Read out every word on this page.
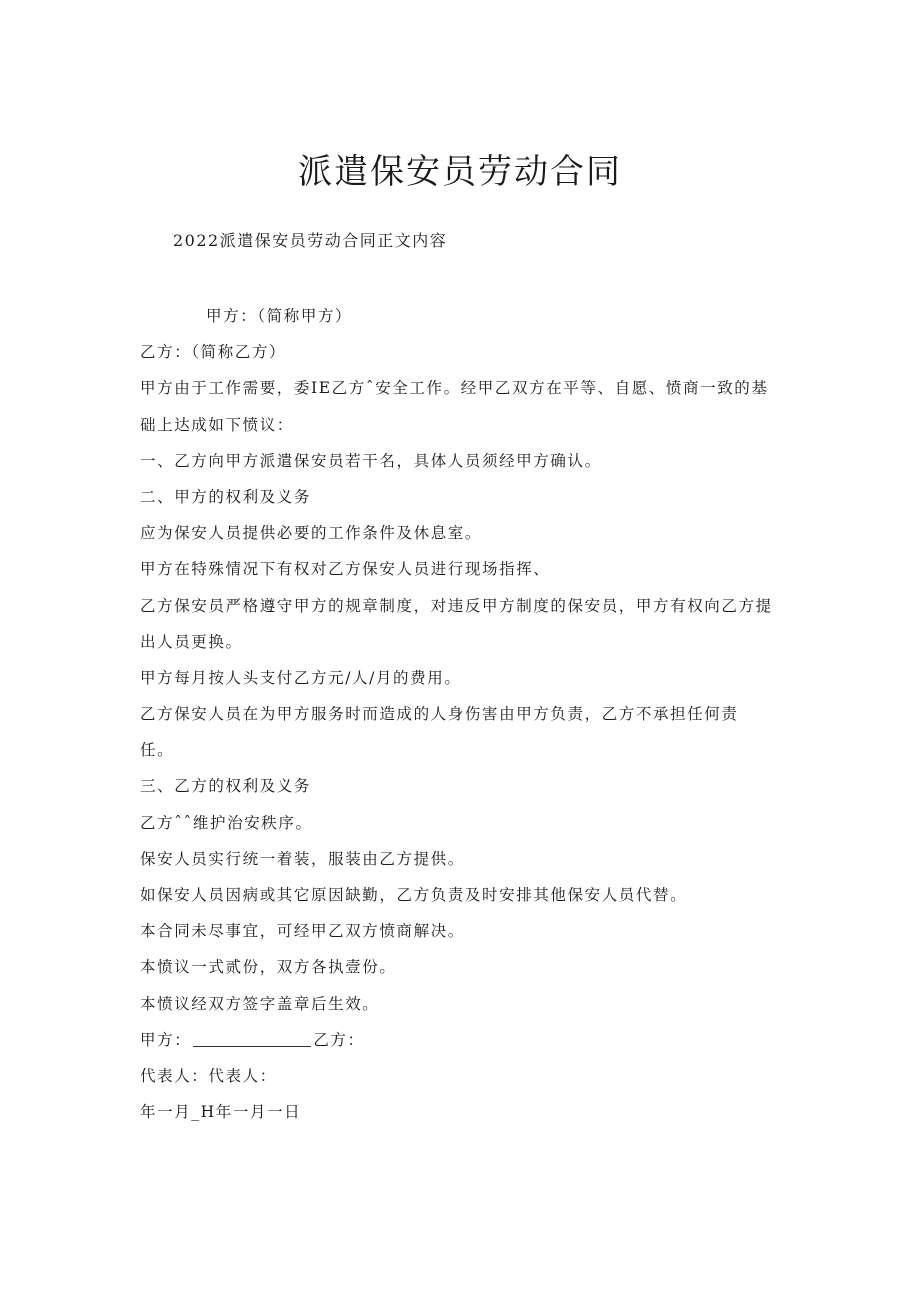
派遣保安员劳动合同
2022派遣保安员劳动合同正文内容
甲方：（简称甲方）
乙方：（简称乙方）
甲方由于工作需要，委IE乙方ˆ安全工作。经甲乙双方在平等、自愿、愤商一致的基
础上达成如下愤议：
一、乙方向甲方派遣保安员若干名，具体人员须经甲方确认。
二、甲方的权利及义务
应为保安人员提供必要的工作条件及休息室。
甲方在特殊情况下有权对乙方保安人员进行现场指挥、
乙方保安员严格遵守甲方的规章制度，对违反甲方制度的保安员，甲方有权向乙方提
出人员更换。
甲方每月按人头支付乙方元/人/月的费用。
乙方保安人员在为甲方服务时而造成的人身伤害由甲方负责，乙方不承担任何责
任。
三、乙方的权利及义务
乙方ˆˆ维护治安秩序。
保安人员实行统一着装，服装由乙方提供。
如保安人员因病或其它原因缺勤，乙方负责及时安排其他保安人员代替。
本合同未尽事宜，可经甲乙双方愤商解决。
本愤议一式贰份，双方各执壹份。
本愤议经双方签字盖章后生效。
甲方：	乙方：
代表人：代表人：
年一月_H年一月一日
